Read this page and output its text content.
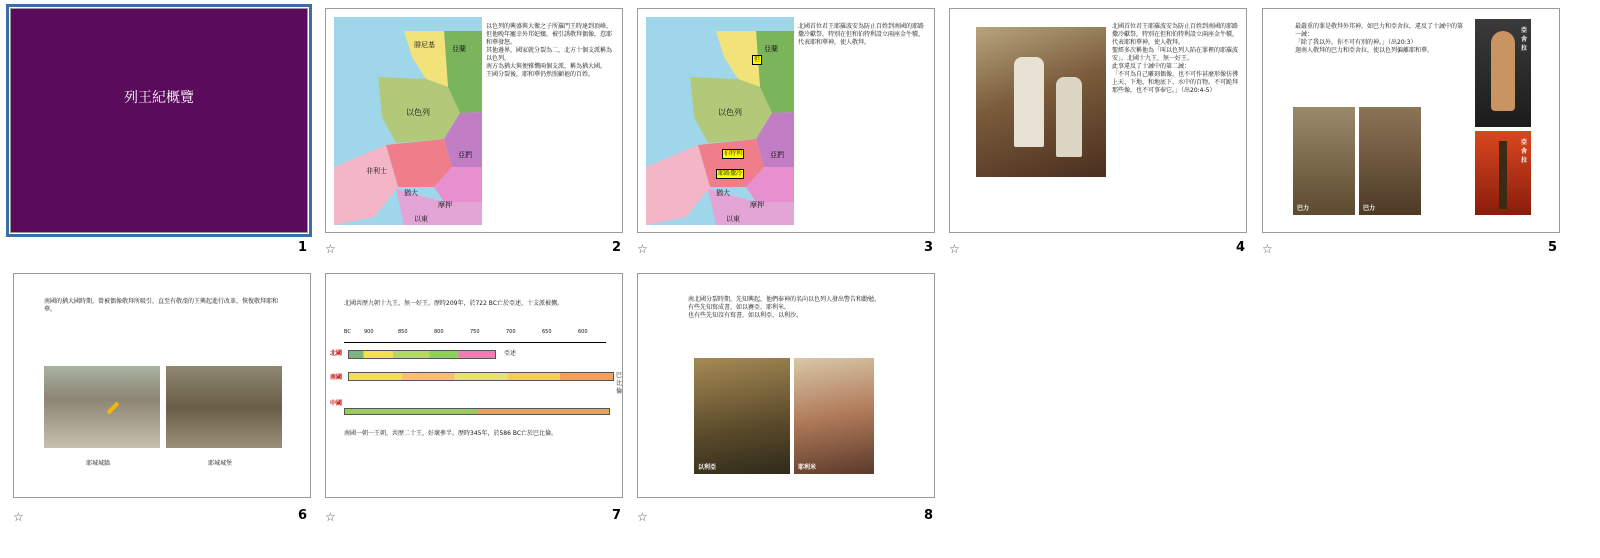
列王紀概覽
1
亞蘭
腓尼基
以色列
亞捫
非利士
猶大
摩押
以東
以色列的興盛與大衛之子所羅門王時達到頂峰，但他晚年寵幸外邦妃嬪，被引誘敬拜偶像，惹耶和華發怒。
其他邊界，國家就分裂為二，北方十個支派稱為以色列，
南方為猶大與便雅憫兩個支派，稱為猶大國。
王國分裂後，耶和華仍然照顧祂的百姓。
☆	2
亞蘭
以色列
亞捫
猶大
摩押
以東
但
伯特利
耶路撒冷
北國首位君王耶羅波安為防止百姓到南國的耶路撒冷獻祭，特別在但和伯特利設立兩座金牛犢，代表耶和華神，使人敬拜。
☆	3
北國首位君王耶羅波安為防止百姓到南國的耶路撒冷獻祭，特別在但和伯特利設立兩座金牛犢，代表耶和華神，使人敬拜。
聖經多次稱他為「叫以色列人陷在罪裡的耶羅波安」。北國十九王，無一好王。
此事違反了十誡中的第二誡：
「不可為自己雕刻偶像，也不可作甚麼形像彷彿上天、下地、和地底下、水中的百物。不可跪拜那些像，也不可事奉它。」（出20:4-5）
☆	4
最嚴重的罪是敬拜外邦神，如巴力和亞舍拉，違反了十誡中的第一誡：
「除了我以外，你不可有別的神。」（出20:3）
迦南人敬拜的巴力和亞舍拉，使以色列偏離耶和華。
巴力	巴力
亞舍拉
亞舍拉
☆	5
南國的猶大國時期，曾被偶像敬拜所吸引，直至有敬虔的王興起進行改革，恢復敬拜耶和華。
耶城城牆	耶城城堡
☆	6
北國共歷九朝十九王，無一好王。歷時209年，於722 BC亡於亞述，十支派被擄。
BC	900	850	800	750	700	650	600
北國	亞述
南國	巴比倫
中國
南國一朝一王朝，共歷二十王，好壞參半。歷時345年，於586 BC亡於巴比倫。
☆	7
南北國分裂時期，先知興起，他們奉神的名向以色列人發出警告和勸勉。
有些先知寫成書，如以賽亞、耶利米。
也有些先知沒有寫書，如以利亞、以利沙。
以利亞	耶利米
☆	8
